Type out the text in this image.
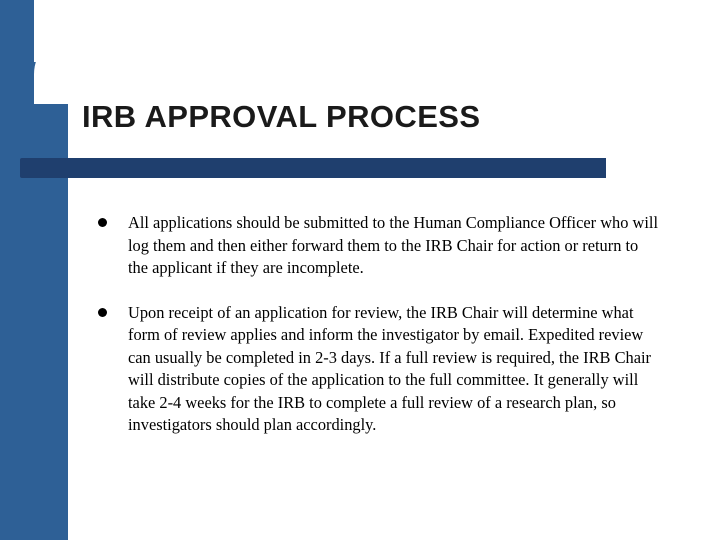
IRB APPROVAL PROCESS
All applications should be submitted to the Human Compliance Officer who will log them and then either forward them to the IRB Chair for action or return to the applicant if they are incomplete.
Upon receipt of an application for review, the IRB Chair will determine what form of review applies and inform the investigator by email. Expedited review can usually be completed in 2-3 days. If a full review is required, the IRB Chair will distribute copies of the application to the full committee. It generally will take 2-4 weeks for the IRB to complete a full review of a research plan, so investigators should plan accordingly.
